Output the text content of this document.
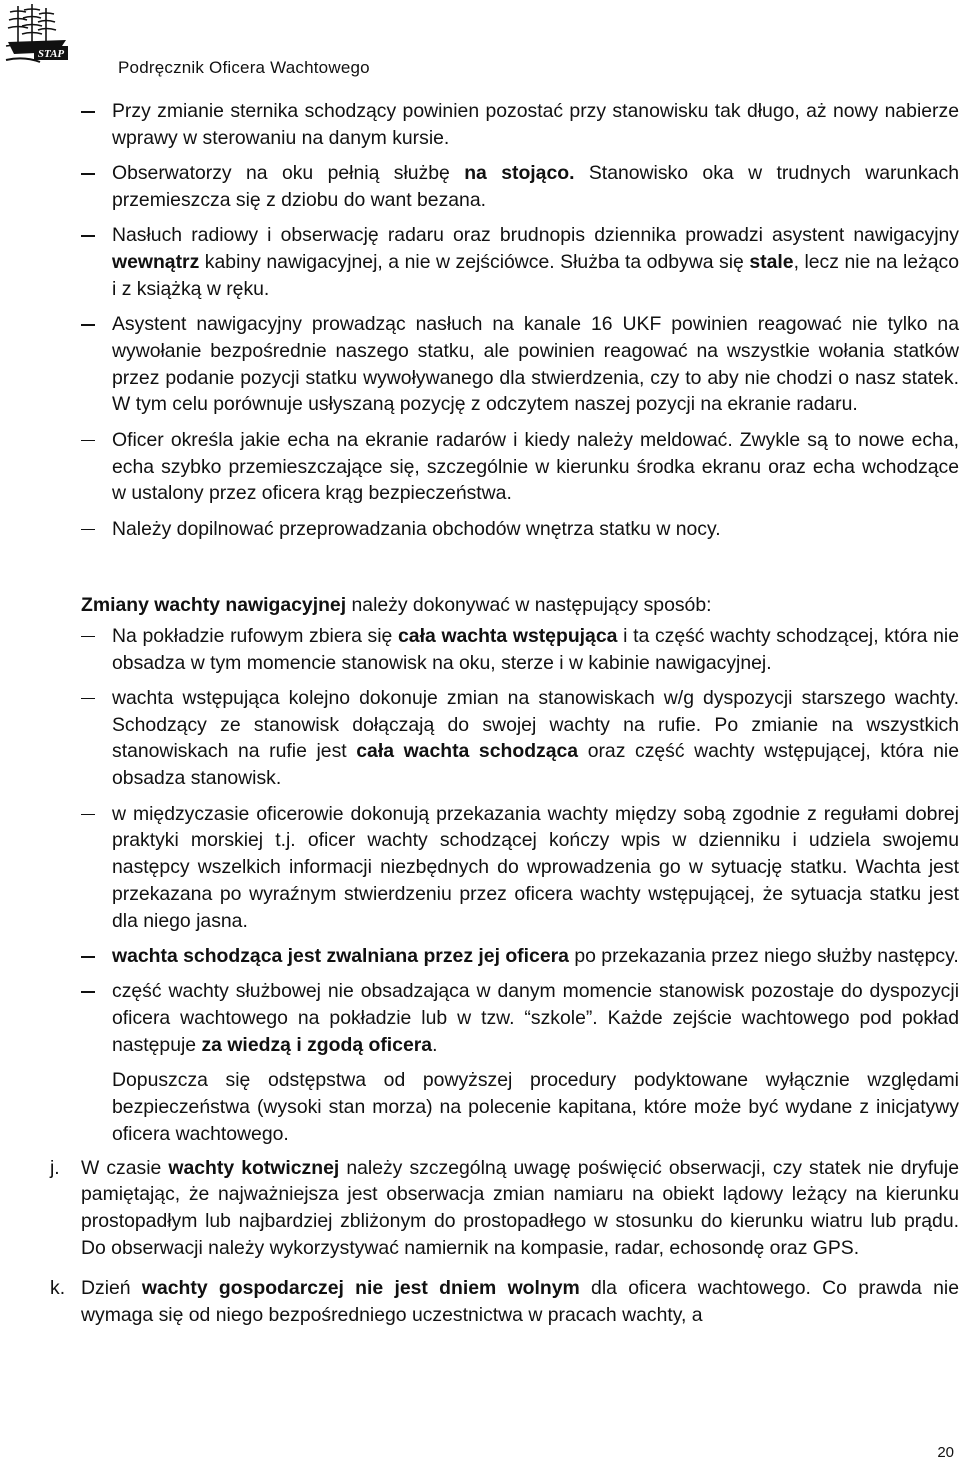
STAP
Podręcznik Oficera Wachtowego
Przy zmianie sternika schodzący powinien pozostać przy stanowisku tak długo, aż nowy nabierze wprawy w sterowaniu na danym kursie.
Obserwatorzy na oku pełnią służbę na stojąco. Stanowisko oka w trudnych warunkach przemieszcza się z dziobu do want bezana.
Nasłuch radiowy i obserwację radaru oraz brudnopis dziennika prowadzi asystent nawigacyjny wewnątrz kabiny nawigacyjnej, a nie w zejściówce. Służba ta odbywa się stale, lecz nie na leżąco i z książką w ręku.
Asystent nawigacyjny prowadząc nasłuch na kanale 16 UKF powinien reagować nie tylko na wywołanie bezpośrednie naszego statku, ale powinien reagować na wszystkie wołania statków przez podanie pozycji statku wywoływanego dla stwierdzenia, czy to aby nie chodzi o nasz statek. W tym celu porównuje usłyszaną pozycję z odczytem naszej pozycji na ekranie radaru.
Oficer określa jakie echa na ekranie radarów i kiedy należy meldować. Zwykle są to nowe echa, echa szybko przemieszczające się, szczególnie w kierunku środka ekranu oraz echa wchodzące w ustalony przez oficera krąg bezpieczeństwa.
Należy dopilnować przeprowadzania obchodów wnętrza statku w nocy.
Zmiany wachty nawigacyjnej należy dokonywać w następujący sposób:
Na pokładzie rufowym zbiera się cała wachta wstępująca i ta część wachty schodzącej, która nie obsadza w tym momencie stanowisk na oku, sterze i w kabinie nawigacyjnej.
wachta wstępująca kolejno dokonuje zmian na stanowiskach w/g dyspozycji starszego wachty. Schodzący ze stanowisk dołączają do swojej wachty na rufie. Po zmianie na wszystkich stanowiskach na rufie jest cała wachta schodząca oraz część wachty wstępującej, która nie obsadza stanowisk.
w międzyczasie oficerowie dokonują przekazania wachty między sobą zgodnie z regułami dobrej praktyki morskiej t.j. oficer wachty schodzącej kończy wpis w dzienniku i udziela swojemu następcy wszelkich informacji niezbędnych do wprowadzenia go w sytuację statku. Wachta jest przekazana po wyraźnym stwierdzeniu przez oficera wachty wstępującej, że sytuacja statku jest dla niego jasna.
wachta schodząca jest zwalniana przez jej oficera po przekazania przez niego służby następcy.
część wachty służbowej nie obsadzająca w danym momencie stanowisk pozostaje do dyspozycji oficera wachtowego na pokładzie lub w tzw. “szkole”. Każde zejście wachtowego pod pokład następuje za wiedzą i zgodą oficera.
Dopuszcza się odstępstwa od powyższej procedury podyktowane wyłącznie względami bezpieczeństwa (wysoki stan morza) na polecenie kapitana, które może być wydane z inicjatywy oficera wachtowego.
j. W czasie wachty kotwicznej należy szczególną uwagę poświęcić obserwacji, czy statek nie dryfuje pamiętając, że najważniejsza jest obserwacja zmian namiaru na obiekt lądowy leżący na kierunku prostopadłym lub najbardziej zbliżonym do prostopadłego w stosunku do kierunku wiatru lub prądu. Do obserwacji należy wykorzystywać namiernik na kompasie, radar, echosondę oraz GPS.
k. Dzień wachty gospodarczej nie jest dniem wolnym dla oficera wachtowego. Co prawda nie wymaga się od niego bezpośredniego uczestnictwa w pracach wachty, a
20
